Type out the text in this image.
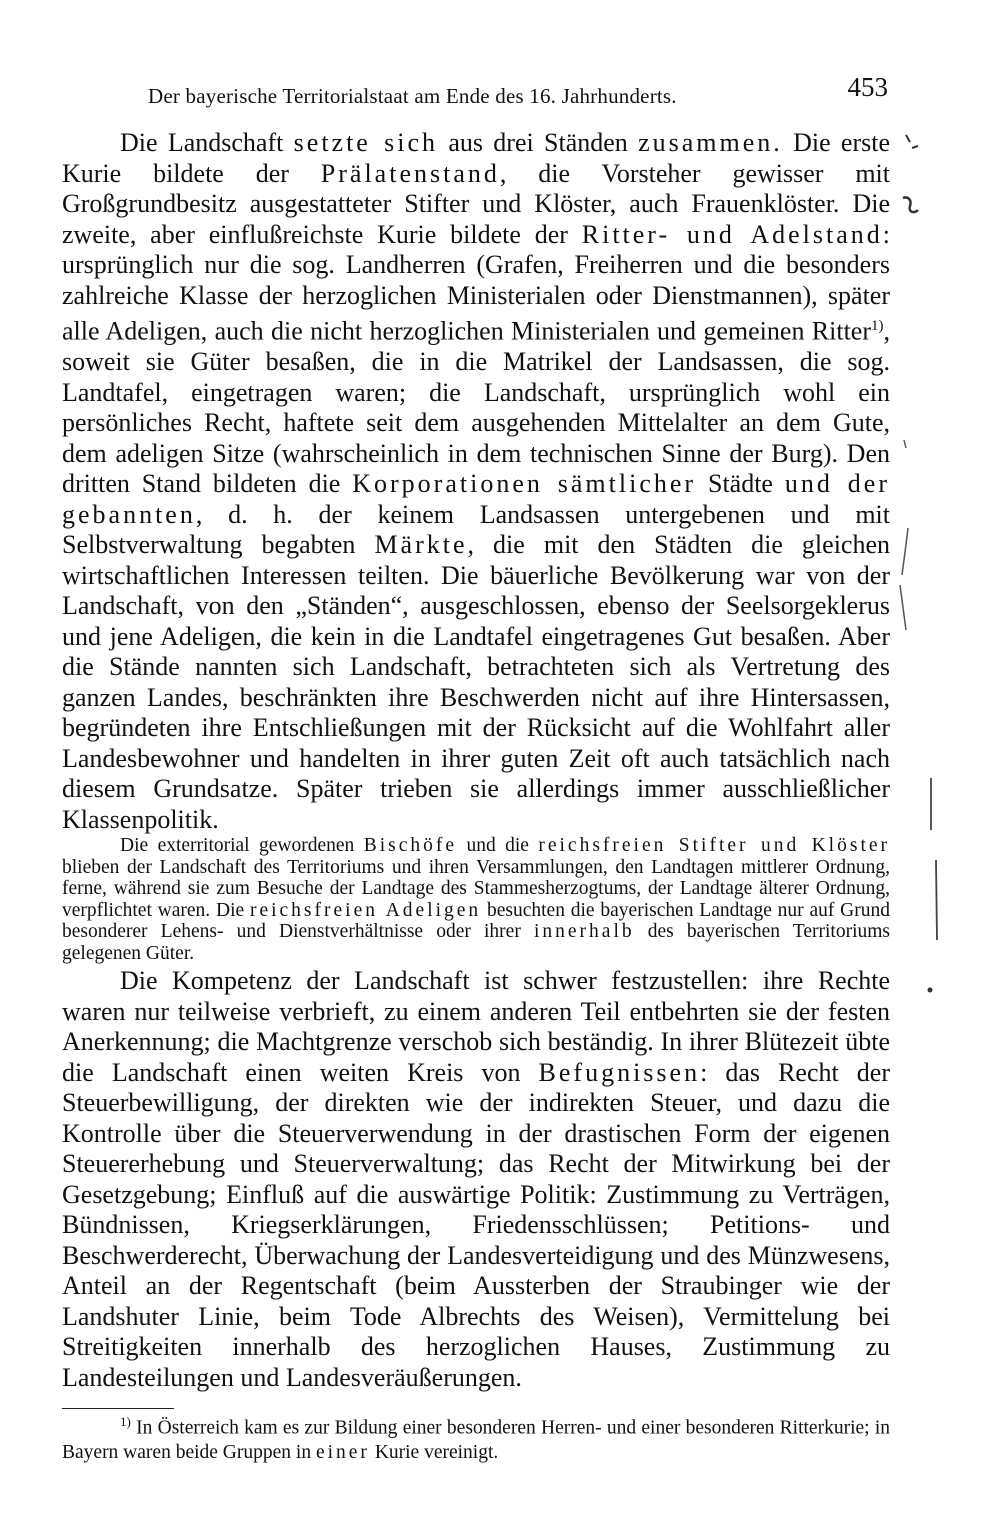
Der bayerische Territorialstaat am Ende des 16. Jahrhunderts.	453

Die Landschaft setzte sich aus drei Ständen zusammen. Die erste Kurie bildete der Prälatenstand, die Vorsteher gewisser mit Großgrundbesitz ausgestatteter Stifter und Klöster, auch Frauenklöster. Die zweite, aber einflußreichste Kurie bildete der Ritter- und Adelstand: ursprünglich nur die sog. Landherren (Grafen, Freiherren und die besonders zahlreiche Klasse der herzoglichen Ministerialen oder Dienstmannen), später alle Adeligen, auch die nicht herzoglichen Ministerialen und gemeinen Ritter$^{1)}$, soweit sie Güter besaßen, die in die Matrikel der Landsassen, die sog. Landtafel, eingetragen waren; die Landschaft, ursprünglich wohl ein persönliches Recht, haftete seit dem ausgehenden Mittelalter an dem Gute, dem adeligen Sitze (wahrscheinlich in dem technischen Sinne der Burg). Den dritten Stand bildeten die Korporationen sämtlicher Städte und der gebannten, d. h. der keinem Landsassen untergebenen und mit Selbstverwaltung begabten Märkte, die mit den Städten die gleichen wirtschaftlichen Interessen teilten. Die bäuerliche Bevölkerung war von der Landschaft, von den „Ständen“, ausgeschlossen, ebenso der Seelsorgeklerus und jene Adeligen, die kein in die Landtafel eingetragenes Gut besaßen. Aber die Stände nannten sich Landschaft, betrachteten sich als Vertretung des ganzen Landes, beschränkten ihre Beschwerden nicht auf ihre Hintersassen, begründeten ihre Entschließungen mit der Rücksicht auf die Wohlfahrt aller Landesbewohner und handelten in ihrer guten Zeit oft auch tatsächlich nach diesem Grundsatze. Später trieben sie allerdings immer ausschließlicher Klassenpolitik.

Die exterritorial gewordenen Bischöfe und die reichsfreien Stifter und Klöster blieben der Landschaft des Territoriums und ihren Versammlungen, den Landtagen mittlerer Ordnung, ferne, während sie zum Besuche der Landtage des Stammesherzogtums, der Landtage älterer Ordnung, verpflichtet waren. Die reichsfreien Adeligen besuchten die bayerischen Landtage nur auf Grund besonderer Lehens- und Dienstverhältnisse oder ihrer innerhalb des bayerischen Territoriums gelegenen Güter.

Die Kompetenz der Landschaft ist schwer festzustellen: ihre Rechte waren nur teilweise verbrieft, zu einem anderen Teil entbehrten sie der festen Anerkennung; die Machtgrenze verschob sich beständig. In ihrer Blütezeit übte die Landschaft einen weiten Kreis von Befugnissen: das Recht der Steuerbewilligung, der direkten wie der indirekten Steuer, und dazu die Kontrolle über die Steuerverwendung in der drastischen Form der eigenen Steuererhebung und Steuerverwaltung; das Recht der Mitwirkung bei der Gesetzgebung; Einfluß auf die auswärtige Politik: Zustimmung zu Verträgen, Bündnissen, Kriegserklärungen, Friedensschlüssen; Petitions- und Beschwerderecht, Überwachung der Landesverteidigung und des Münzwesens, Anteil an der Regentschaft (beim Aussterben der Straubinger wie der Landshuter Linie, beim Tode Albrechts des Weisen), Vermittelung bei Streitigkeiten innerhalb des herzoglichen Hauses, Zustimmung zu Landesteilungen und Landesveräußerungen.

$^{1)}$ In Österreich kam es zur Bildung einer besonderen Herren- und einer besonderen Ritterkurie; in Bayern waren beide Gruppen in einer Kurie vereinigt.
